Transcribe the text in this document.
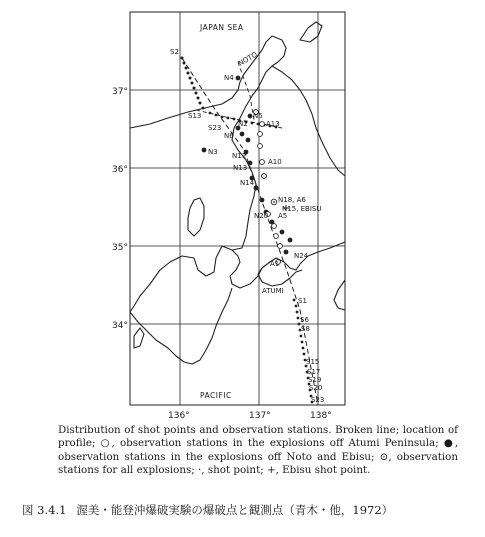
JAPAN SEA
PACIFIC
ATUMI
37°
36°
35°
34°
136°	137°	138°
S2	NOTO
N4
N5
S13
N2	A13
S23
N6
N3 N11
N13
A10
N14
N18, A6
N15, EBISU
N20 A5
N24
A1
S1
S6
S8
S15
S17
S19
S20
S23

Distribution of shot points and observation stations. Broken line; location of profile; ○, observation stations in the explosions off Atumi Peninsula; ●, observation stations in the explosions off Noto and Ebisu; ⊙, observation stations for all explosions; ·, shot point; +, Ebisu shot point.

図 3.4.1 渥美・能登沖爆破実験の爆破点と観測点（青木・他，1972）
